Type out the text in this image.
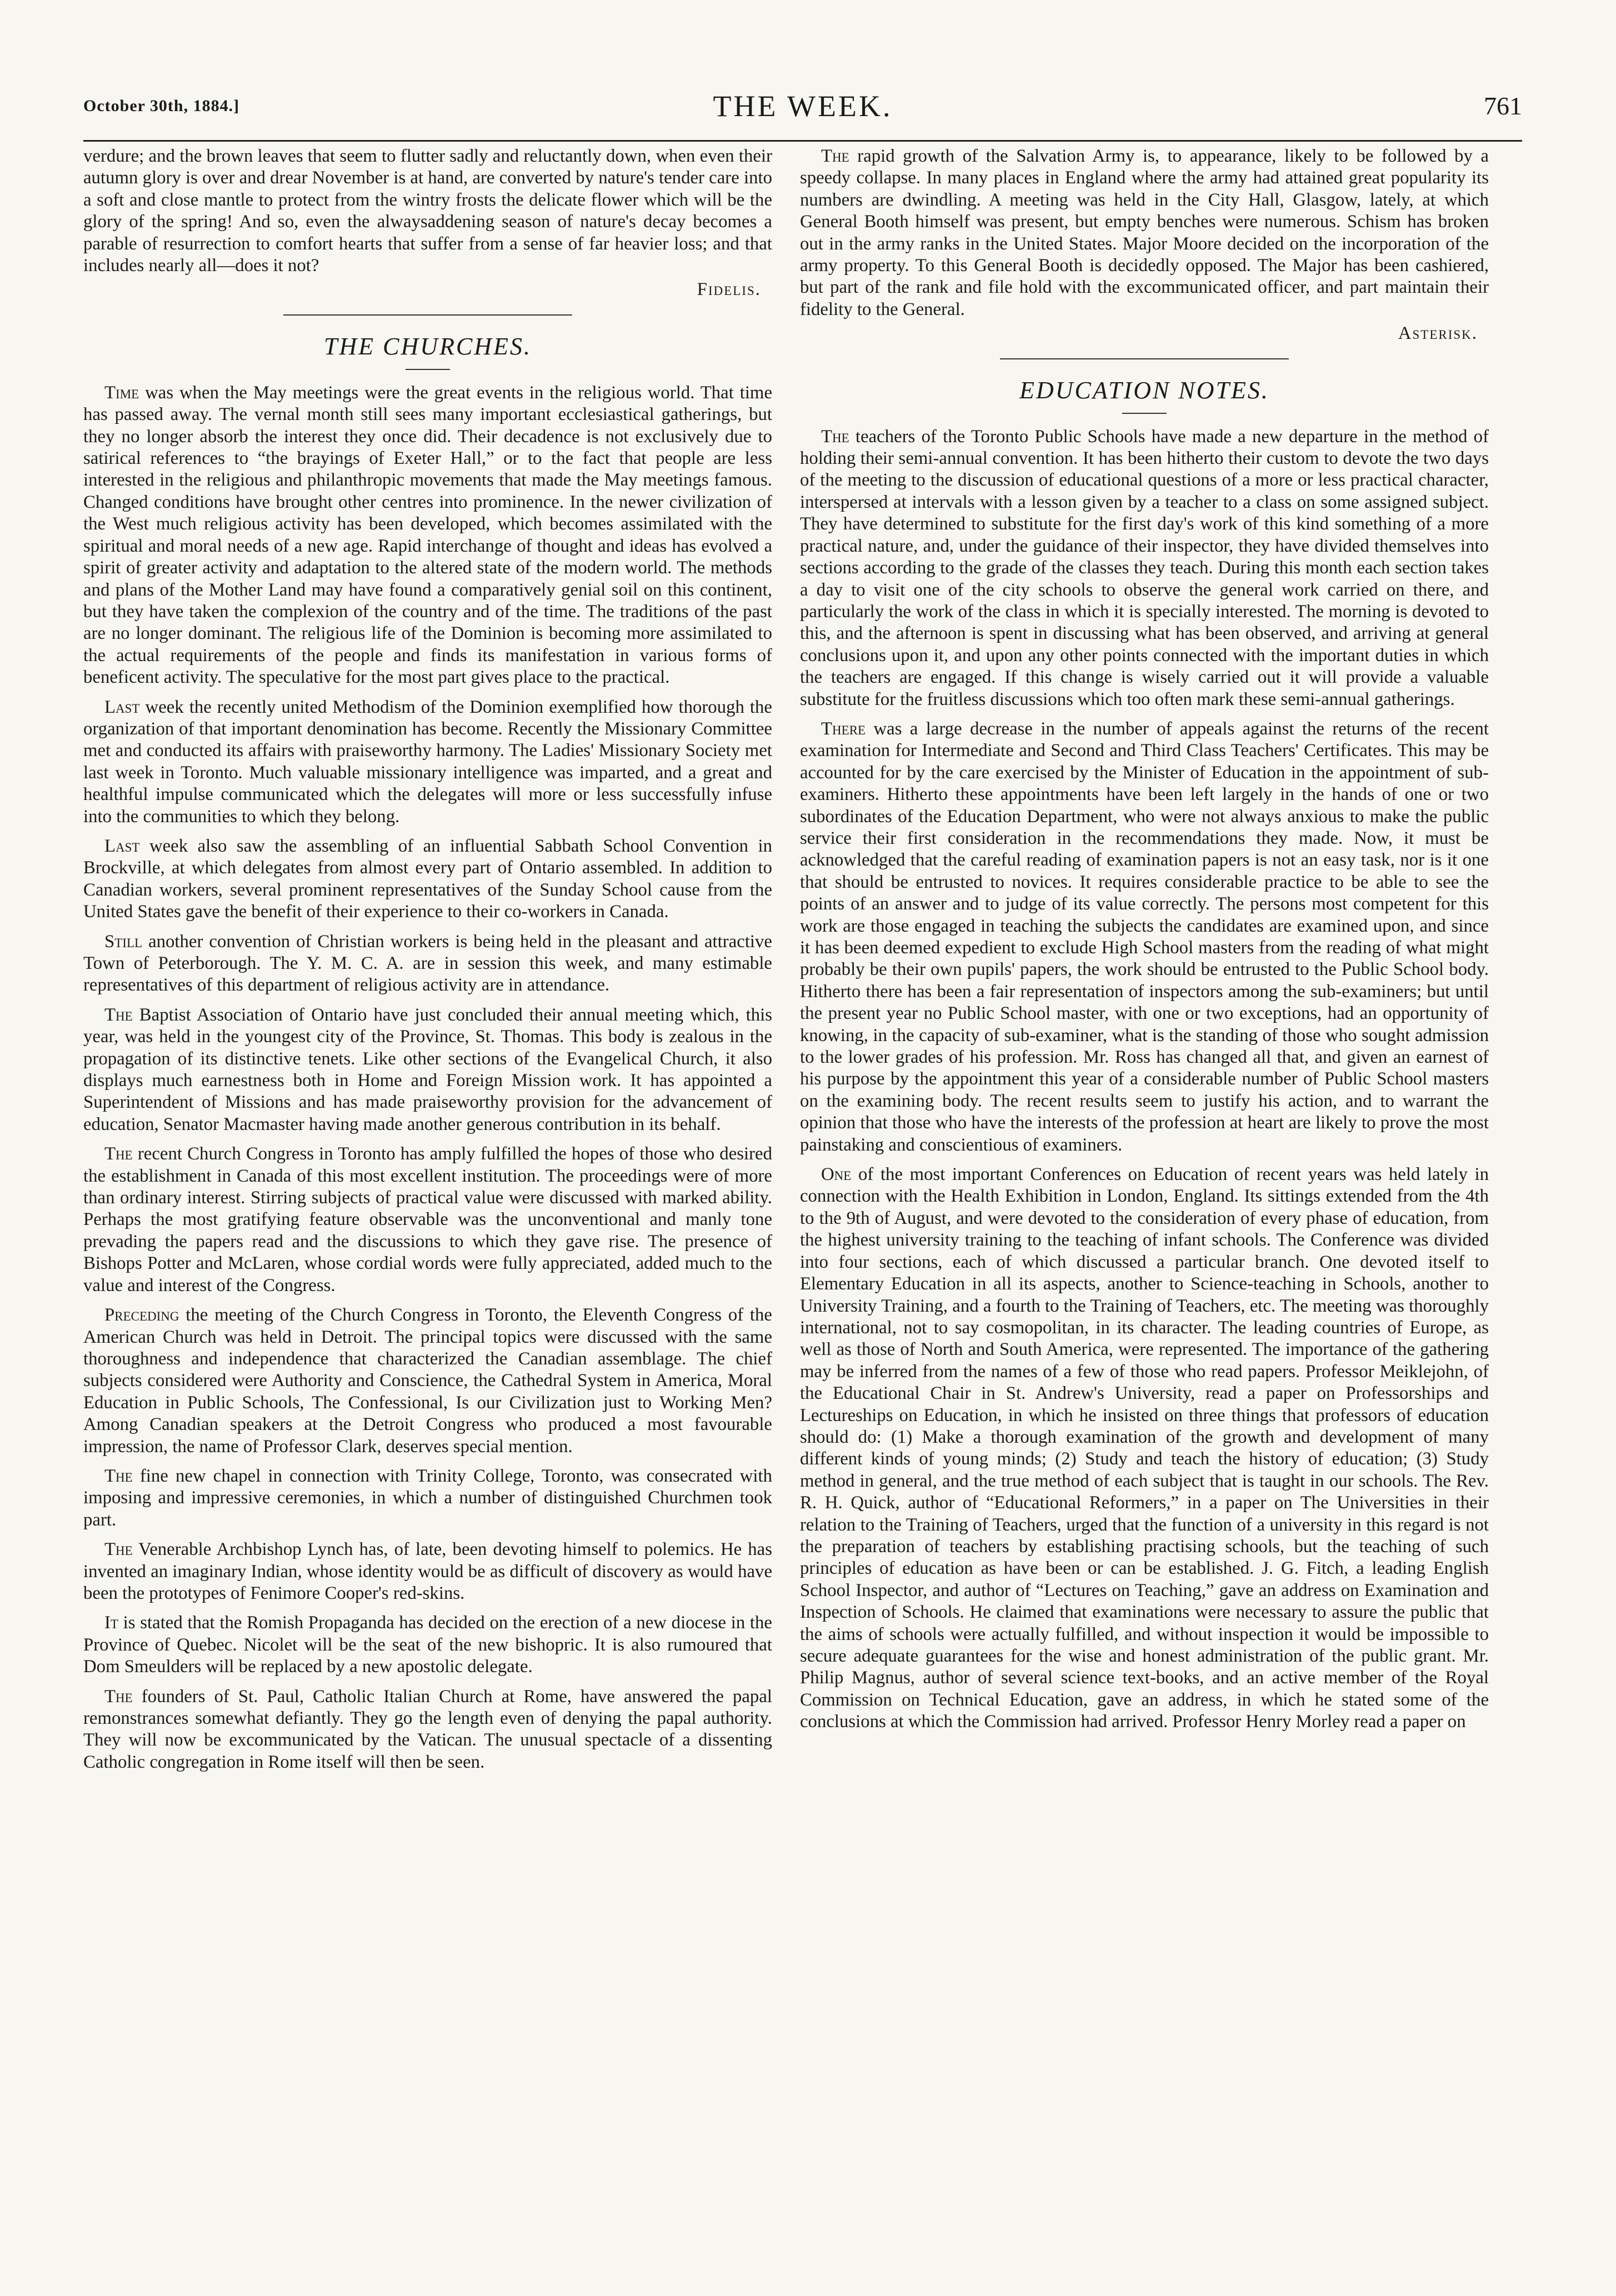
October 30th, 1884.]	THE WEEK.	761

verdure; and the brown leaves that seem to flutter sadly and reluctantly down, when even their autumn glory is over and drear November is at hand, are converted by nature's tender care into a soft and close mantle to protect from the wintry frosts the delicate flower which will be the glory of the spring! And so, even the alwaysaddening season of nature's decay becomes a parable of resurrection to comfort hearts that suffer from a sense of far heavier loss; and that includes nearly all—does it not?

Fidelis.
THE CHURCHES.

Time was when the May meetings were the great events in the religious world. That time has passed away. The vernal month still sees many important ecclesiastical gatherings, but they no longer absorb the interest they once did. Their decadence is not exclusively due to satirical references to “the brayings of Exeter Hall,” or to the fact that people are less interested in the religious and philanthropic movements that made the May meetings famous. Changed conditions have brought other centres into prominence. In the newer civilization of the West much religious activity has been developed, which becomes assimilated with the spiritual and moral needs of a new age. Rapid interchange of thought and ideas has evolved a spirit of greater activity and adaptation to the altered state of the modern world. The methods and plans of the Mother Land may have found a comparatively genial soil on this continent, but they have taken the complexion of the country and of the time. The traditions of the past are no longer dominant. The religious life of the Dominion is becoming more assimilated to the actual requirements of the people and finds its manifestation in various forms of beneficent activity. The speculative for the most part gives place to the practical.

Last week the recently united Methodism of the Dominion exemplified how thorough the organization of that important denomination has become. Recently the Missionary Committee met and conducted its affairs with praiseworthy harmony. The Ladies' Missionary Society met last week in Toronto. Much valuable missionary intelligence was imparted, and a great and healthful impulse communicated which the delegates will more or less successfully infuse into the communities to which they belong.

Last week also saw the assembling of an influential Sabbath School Convention in Brockville, at which delegates from almost every part of Ontario assembled. In addition to Canadian workers, several prominent representatives of the Sunday School cause from the United States gave the benefit of their experience to their co-workers in Canada.

Still another convention of Christian workers is being held in the pleasant and attractive Town of Peterborough. The Y. M. C. A. are in session this week, and many estimable representatives of this department of religious activity are in attendance.

The Baptist Association of Ontario have just concluded their annual meeting which, this year, was held in the youngest city of the Province, St. Thomas. This body is zealous in the propagation of its distinctive tenets. Like other sections of the Evangelical Church, it also displays much earnestness both in Home and Foreign Mission work. It has appointed a Superintendent of Missions and has made praiseworthy provision for the advancement of education, Senator Macmaster having made another generous contribution in its behalf.

The recent Church Congress in Toronto has amply fulfilled the hopes of those who desired the establishment in Canada of this most excellent institution. The proceedings were of more than ordinary interest. Stirring subjects of practical value were discussed with marked ability. Perhaps the most gratifying feature observable was the unconventional and manly tone prevading the papers read and the discussions to which they gave rise. The presence of Bishops Potter and McLaren, whose cordial words were fully appreciated, added much to the value and interest of the Congress.

Preceding the meeting of the Church Congress in Toronto, the Eleventh Congress of the American Church was held in Detroit. The principal topics were discussed with the same thoroughness and independence that characterized the Canadian assemblage. The chief subjects considered were Authority and Conscience, the Cathedral System in America, Moral Education in Public Schools, The Confessional, Is our Civilization just to Working Men? Among Canadian speakers at the Detroit Congress who produced a most favourable impression, the name of Professor Clark, deserves special mention.

The fine new chapel in connection with Trinity College, Toronto, was consecrated with imposing and impressive ceremonies, in which a number of distinguished Churchmen took part.

The Venerable Archbishop Lynch has, of late, been devoting himself to polemics. He has invented an imaginary Indian, whose identity would be as difficult of discovery as would have been the prototypes of Fenimore Cooper's red-skins.

It is stated that the Romish Propaganda has decided on the erection of a new diocese in the Province of Quebec. Nicolet will be the seat of the new bishopric. It is also rumoured that Dom Smeulders will be replaced by a new apostolic delegate.

The founders of St. Paul, Catholic Italian Church at Rome, have answered the papal remonstrances somewhat defiantly. They go the length even of denying the papal authority. They will now be excommunicated by the Vatican. The unusual spectacle of a dissenting Catholic congregation in Rome itself will then be seen.

The rapid growth of the Salvation Army is, to appearance, likely to be followed by a speedy collapse. In many places in England where the army had attained great popularity its numbers are dwindling. A meeting was held in the City Hall, Glasgow, lately, at which General Booth himself was present, but empty benches were numerous. Schism has broken out in the army ranks in the United States. Major Moore decided on the incorporation of the army property. To this General Booth is decidedly opposed. The Major has been cashiered, but part of the rank and file hold with the excommunicated officer, and part maintain their fidelity to the General.

Asterisk.
EDUCATION NOTES.

The teachers of the Toronto Public Schools have made a new departure in the method of holding their semi-annual convention. It has been hitherto their custom to devote the two days of the meeting to the discussion of educational questions of a more or less practical character, interspersed at intervals with a lesson given by a teacher to a class on some assigned subject. They have determined to substitute for the first day's work of this kind something of a more practical nature, and, under the guidance of their inspector, they have divided themselves into sections according to the grade of the classes they teach. During this month each section takes a day to visit one of the city schools to observe the general work carried on there, and particularly the work of the class in which it is specially interested. The morning is devoted to this, and the afternoon is spent in discussing what has been observed, and arriving at general conclusions upon it, and upon any other points connected with the important duties in which the teachers are engaged. If this change is wisely carried out it will provide a valuable substitute for the fruitless discussions which too often mark these semi-annual gatherings.

There was a large decrease in the number of appeals against the returns of the recent examination for Intermediate and Second and Third Class Teachers' Certificates. This may be accounted for by the care exercised by the Minister of Education in the appointment of sub-examiners. Hitherto these appointments have been left largely in the hands of one or two subordinates of the Education Department, who were not always anxious to make the public service their first consideration in the recommendations they made. Now, it must be acknowledged that the careful reading of examination papers is not an easy task, nor is it one that should be entrusted to novices. It requires considerable practice to be able to see the points of an answer and to judge of its value correctly. The persons most competent for this work are those engaged in teaching the subjects the candidates are examined upon, and since it has been deemed expedient to exclude High School masters from the reading of what might probably be their own pupils' papers, the work should be entrusted to the Public School body. Hitherto there has been a fair representation of inspectors among the sub-examiners; but until the present year no Public School master, with one or two exceptions, had an opportunity of knowing, in the capacity of sub-examiner, what is the standing of those who sought admission to the lower grades of his profession. Mr. Ross has changed all that, and given an earnest of his purpose by the appointment this year of a considerable number of Public School masters on the examining body. The recent results seem to justify his action, and to warrant the opinion that those who have the interests of the profession at heart are likely to prove the most painstaking and conscientious of examiners.

One of the most important Conferences on Education of recent years was held lately in connection with the Health Exhibition in London, England. Its sittings extended from the 4th to the 9th of August, and were devoted to the consideration of every phase of education, from the highest university training to the teaching of infant schools. The Conference was divided into four sections, each of which discussed a particular branch. One devoted itself to Elementary Education in all its aspects, another to Science-teaching in Schools, another to University Training, and a fourth to the Training of Teachers, etc. The meeting was thoroughly international, not to say cosmopolitan, in its character. The leading countries of Europe, as well as those of North and South America, were represented. The importance of the gathering may be inferred from the names of a few of those who read papers. Professor Meiklejohn, of the Educational Chair in St. Andrew's University, read a paper on Professorships and Lectureships on Education, in which he insisted on three things that professors of education should do: (1) Make a thorough examination of the growth and development of many different kinds of young minds; (2) Study and teach the history of education; (3) Study method in general, and the true method of each subject that is taught in our schools. The Rev. R. H. Quick, author of “Educational Reformers,” in a paper on The Universities in their relation to the Training of Teachers, urged that the function of a university in this regard is not the preparation of teachers by establishing practising schools, but the teaching of such principles of education as have been or can be established. J. G. Fitch, a leading English School Inspector, and author of “Lectures on Teaching,” gave an address on Examination and Inspection of Schools. He claimed that examinations were necessary to assure the public that the aims of schools were actually fulfilled, and without inspection it would be impossible to secure adequate guarantees for the wise and honest administration of the public grant. Mr. Philip Magnus, author of several science text-books, and an active member of the Royal Commission on Technical Education, gave an address, in which he stated some of the conclusions at which the Commission had arrived. Professor Henry Morley read a paper on
